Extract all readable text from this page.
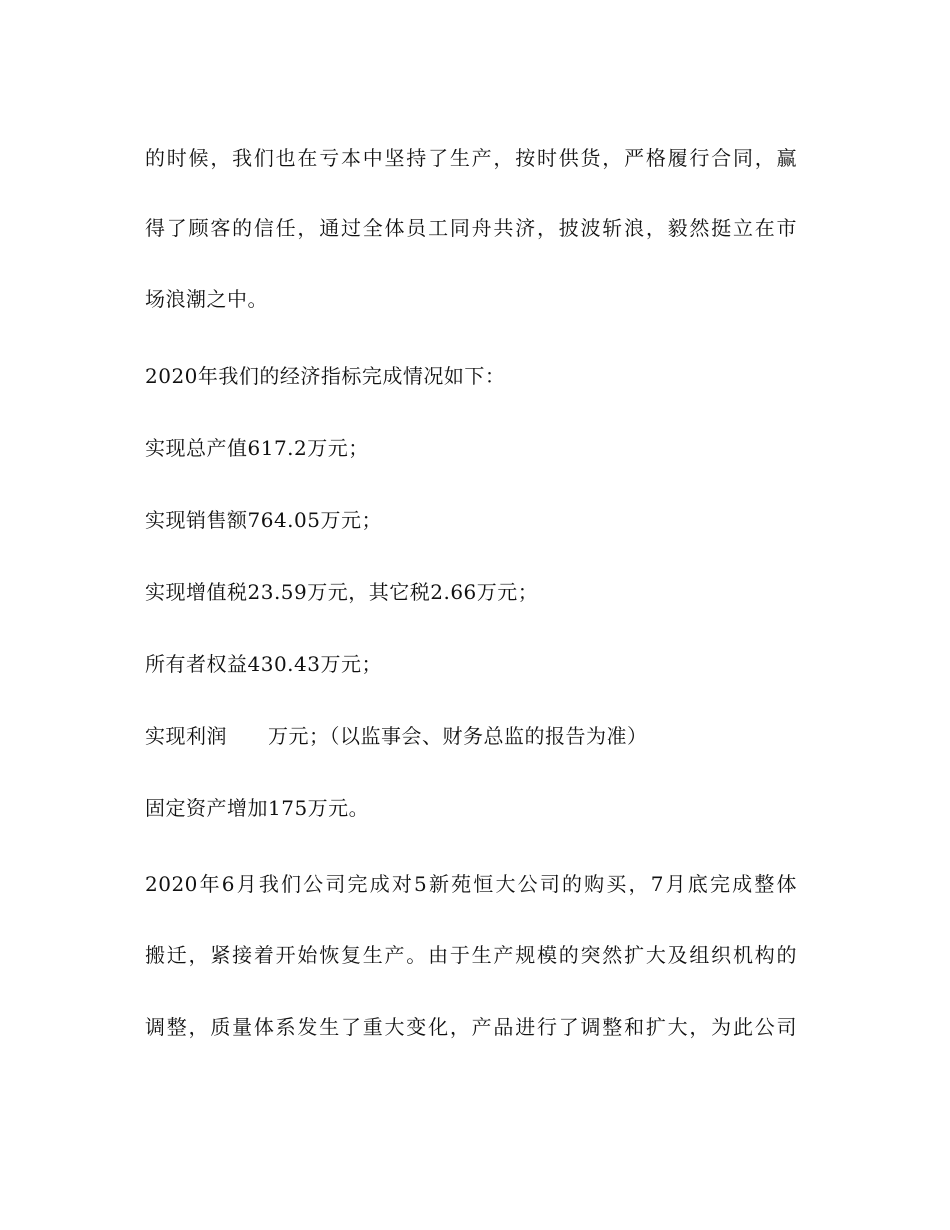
的时候，我们也在亏本中坚持了生产，按时供货，严格履行合同，赢
得了顾客的信任，通过全体员工同舟共济，披波斩浪，毅然挺立在市
场浪潮之中。
2020年我们的经济指标完成情况如下：
实现总产值617.2万元；
实现销售额764.05万元；
实现增值税23.59万元，其它税2.66万元；
所有者权益430.43万元；
实现利润　　万元；（以监事会、财务总监的报告为准）
固定资产增加175万元。
2020年6月我们公司完成对5新苑恒大公司的购买，7月底完成整体
搬迁，紧接着开始恢复生产。由于生产规模的突然扩大及组织机构的
调整，质量体系发生了重大变化，产品进行了调整和扩大，为此公司
